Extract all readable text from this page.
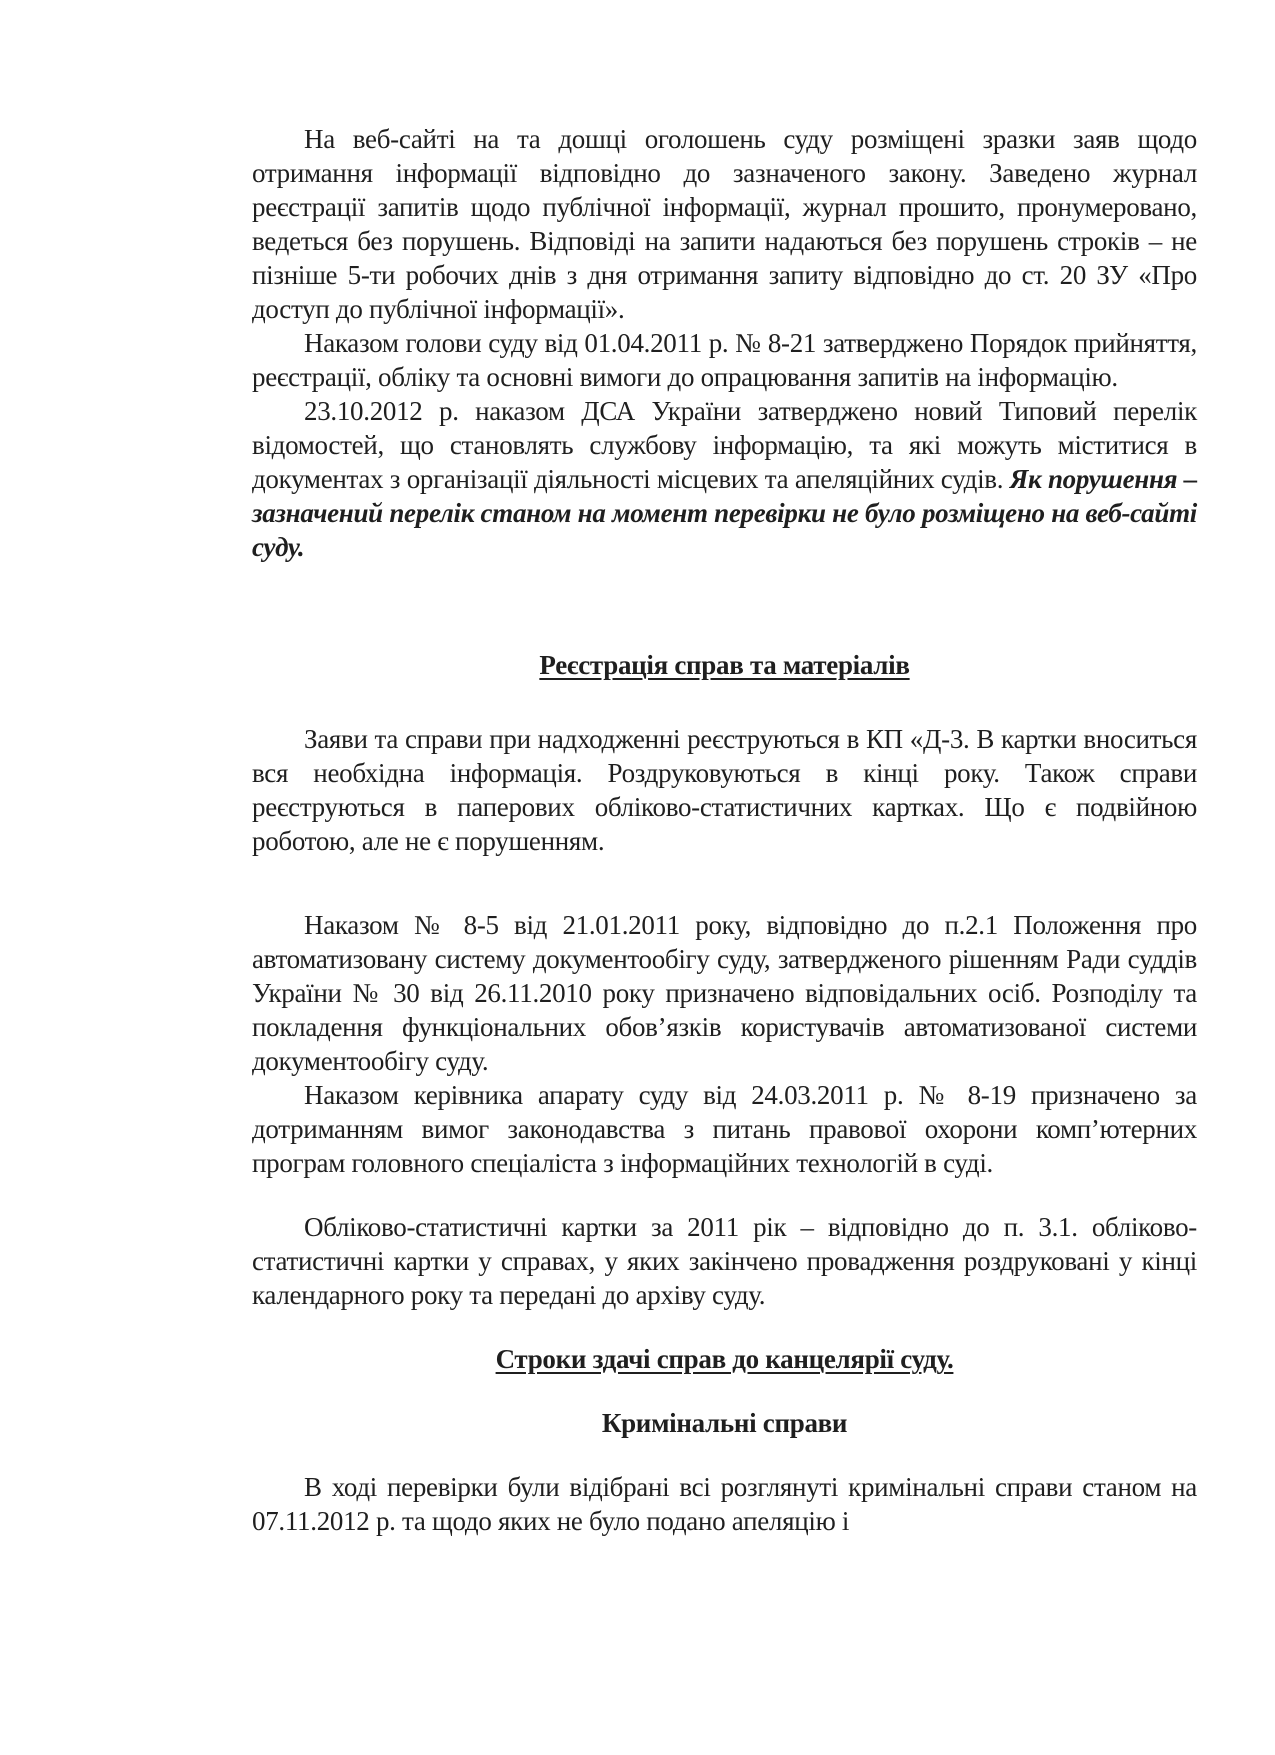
На веб-сайті на та дошці оголошень суду розміщені зразки заяв щодо отримання інформації відповідно до зазначеного закону. Заведено журнал реєстрації запитів щодо публічної інформації, журнал прошито, пронумеровано, ведеться без порушень. Відповіді на запити надаються без порушень строків – не пізніше 5-ти робочих днів з дня отримання запиту відповідно до ст. 20 ЗУ «Про доступ до публічної інформації».

Наказом голови суду від 01.04.2011 р. № 8-21 затверджено Порядок прийняття, реєстрації, обліку та основні вимоги до опрацювання запитів на інформацію.

23.10.2012 р. наказом ДСА України затверджено новий Типовий перелік відомостей, що становлять службову інформацію, та які можуть міститися в документах з організації діяльності місцевих та апеляційних судів. Як порушення – зазначений перелік станом на момент перевірки не було розміщено на веб-сайті суду.

Реєстрація справ та матеріалів

Заяви та справи при надходженні реєструються в КП «Д-3. В картки вноситься вся необхідна інформація. Роздруковуються в кінці року. Також справи реєструються в паперових обліково-статистичних картках. Що є подвійною роботою, але не є порушенням.

Наказом № 8-5 від 21.01.2011 року, відповідно до п.2.1 Положення про автоматизовану систему документообігу суду, затвердженого рішенням Ради суддів України № 30 від 26.11.2010 року призначено відповідальних осіб. Розподілу та покладення функціональних обов’язків користувачів автоматизованої системи документообігу суду.

Наказом керівника апарату суду від 24.03.2011 р. № 8-19 призначено за дотриманням вимог законодавства з питань правової охорони комп’ютерних програм головного спеціаліста з інформаційних технологій в суді.

Обліково-статистичні картки за 2011 рік – відповідно до п. 3.1. обліково-статистичні картки у справах, у яких закінчено провадження роздруковані у кінці календарного року та передані до архіву суду.

Строки здачі справ до канцелярії суду.

Кримінальні справи

В ході перевірки були відібрані всі розглянуті кримінальні справи станом на 07.11.2012 р. та щодо яких не було подано апеляцію і
